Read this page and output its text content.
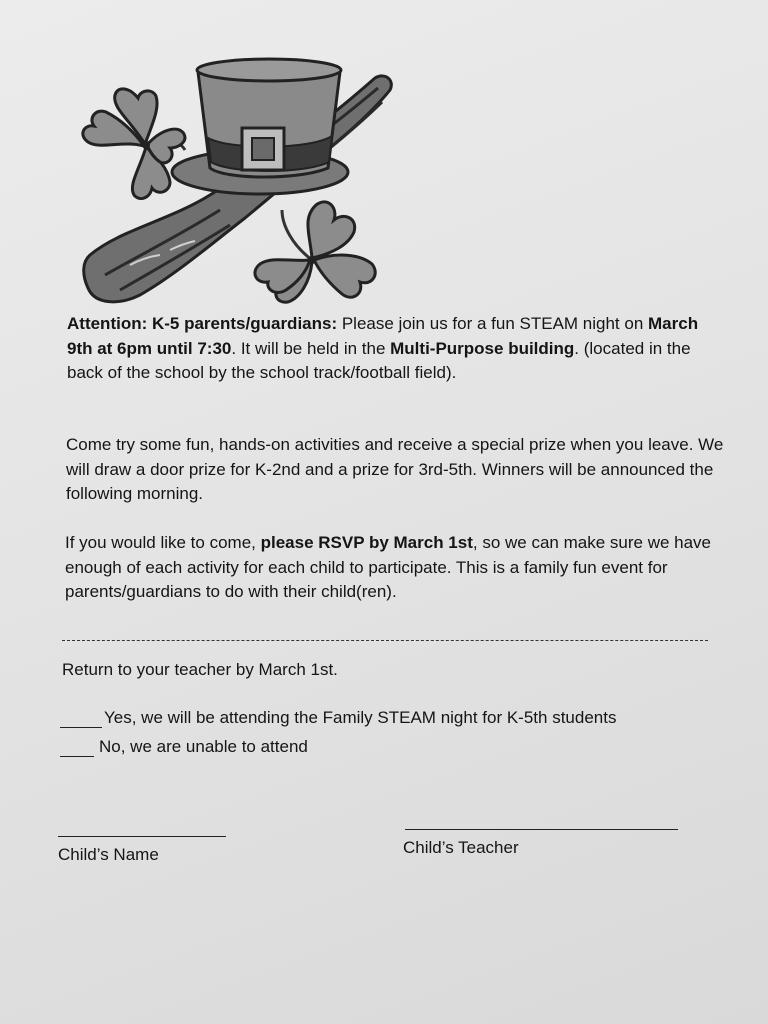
Attention: K-5 parents/guardians: Please join us for a fun STEAM night on March 9th at 6pm until 7:30. It will be held in the Multi-Purpose building. (located in the back of the school by the school track/football field).

Come try some fun, hands-on activities and receive a special prize when you leave. We will draw a door prize for K-2nd and a prize for 3rd-5th. Winners will be announced the following morning.

If you would like to come, please RSVP by March 1st, so we can make sure we have enough of each activity for each child to participate. This is a family fun event for parents/guardians to do with their child(ren).

Return to your teacher by March 1st.

Yes, we will be attending the Family STEAM night for K-5th students

No, we are unable to attend

Child’s Name	Child’s Teacher
